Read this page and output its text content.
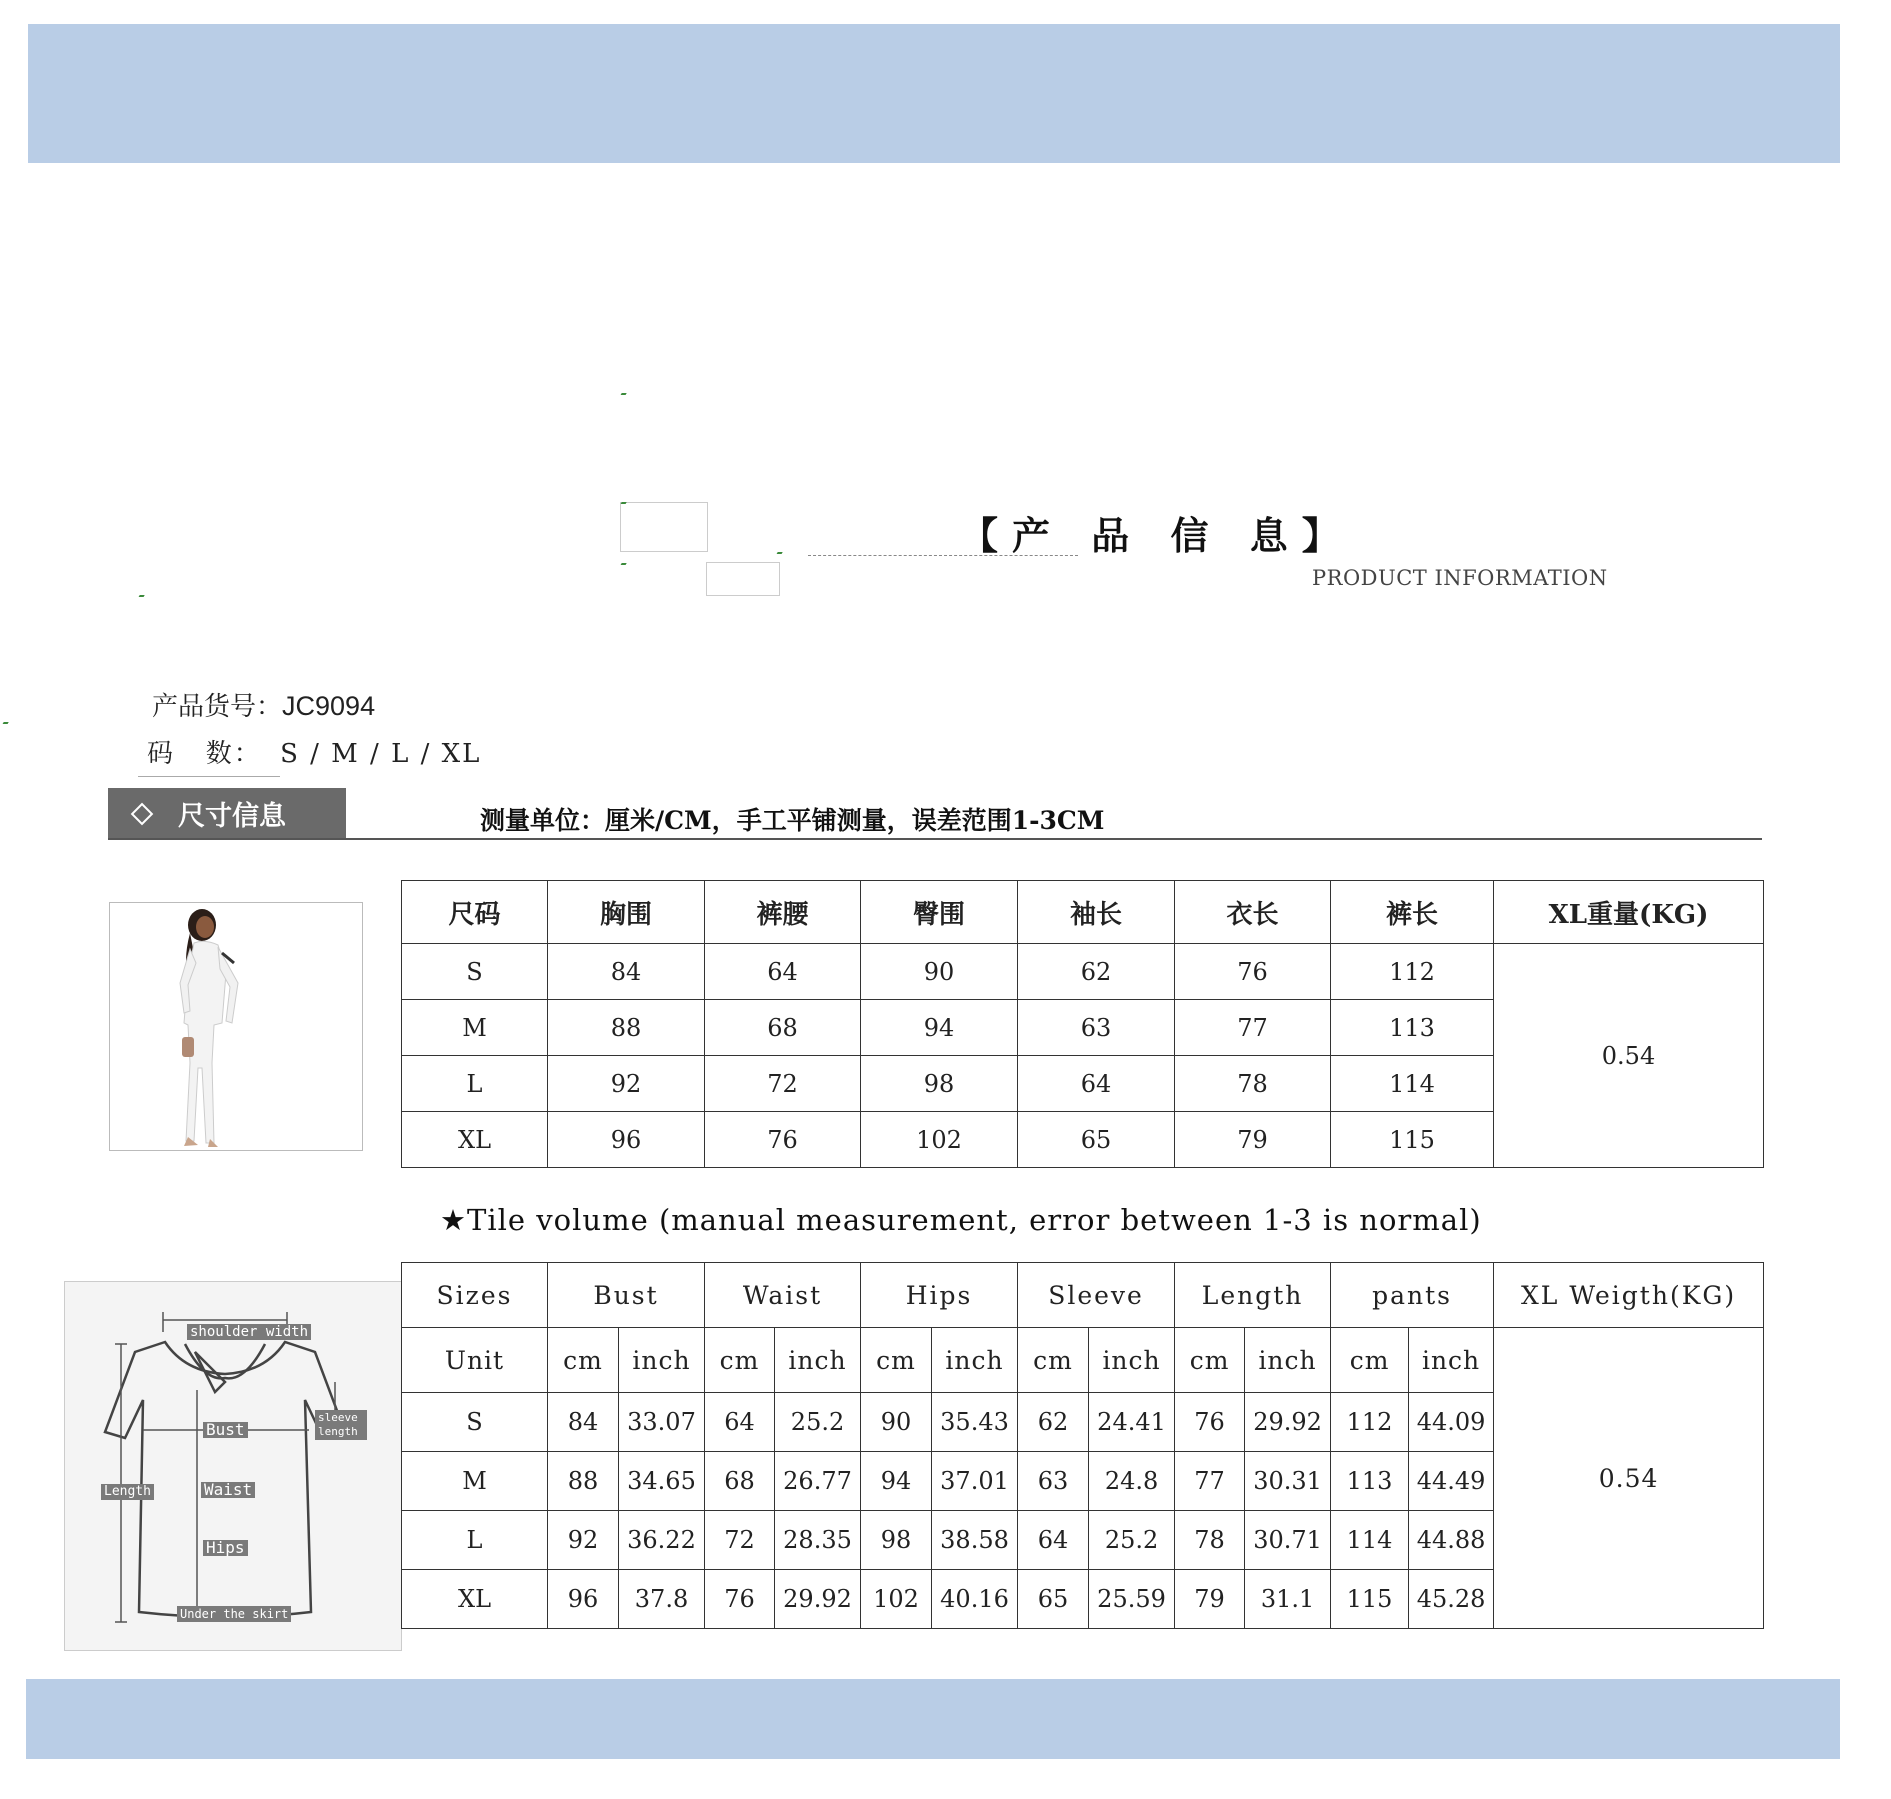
【产 品 信 息】
PRODUCT INFORMATION
产品货号：JC9094
码   数： S / M / L / XL
尺寸信息	测量单位：厘米/CM，手工平铺测量，误差范围1-3CM
尺码	胸围	裤腰	臀围	袖长	衣长	裤长	XL重量(KG)
S	84	64	90	62	76	112	0.54
M	88	68	94	63	77	113	
L	92	72	98	64	78	114	
XL	96	76	102	65	79	115	
★Tile volume (manual measurement, error between 1-3 is normal)
shoulder width
sleeve length
Bust
Length	Waist
Hips
Under the skirt
Sizes	Bust		Waist		Hips		Sleeve		Length		pants		XL Weigth(KG)
Unit	cm	inch	cm	inch	cm	inch	cm	inch	cm	inch	cm	inch	0.54
S	84	33.07	64	25.2	90	35.43	62	24.41	76	29.92	112	44.09	
M	88	34.65	68	26.77	94	37.01	63	24.8	77	30.31	113	44.49	
L	92	36.22	72	28.35	98	38.58	64	25.2	78	30.71	114	44.88	
XL	96	37.8	76	29.92	102	40.16	65	25.59	79	31.1	115	45.28	
